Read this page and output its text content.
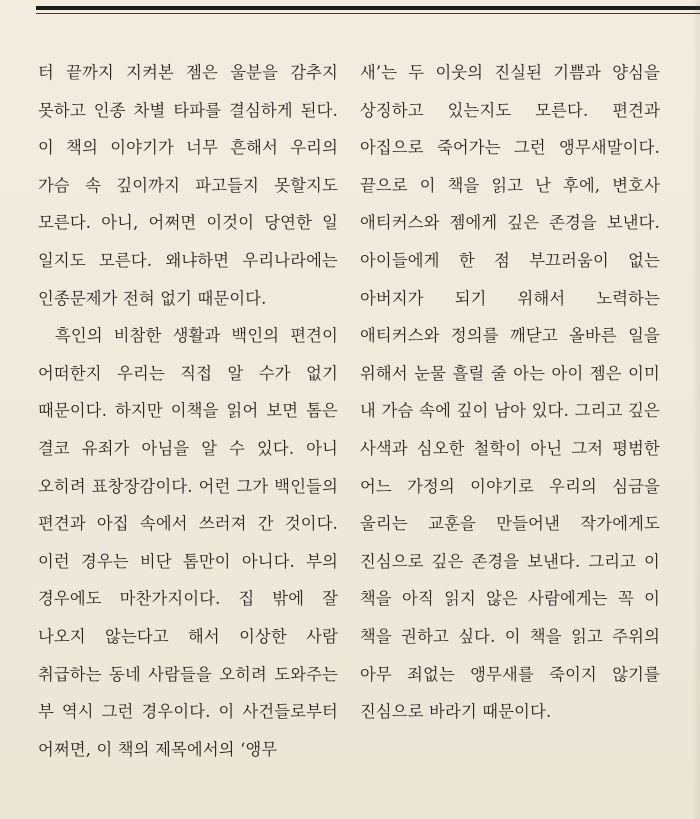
터 끝까지 지켜본 젬은 울분을 감추지 못하고 인종 차별 타파를 결심하게 된다. 이 책의 이야기가 너무 흔해서 우리의 가슴 속 깊이까지 파고들지 못할지도 모른다. 아니, 어쩌면 이것이 당연한 일 일지도 모른다. 왜냐하면 우리나라에는 인종문제가 전혀 없기 때문이다.

흑인의 비참한 생활과 백인의 편견이 어떠한지 우리는 직접 알 수가 없기 때문이다. 하지만 이책을 읽어 보면 톰은 결코 유죄가 아님을 알 수 있다. 아니 오히려 표창장감이다. 어런 그가 백인들의 편견과 아집 속에서 쓰러져 간 것이다. 이런 경우는 비단 톰만이 아니다. 부의 경우에도 마찬가지이다. 집 밖에 잘 나오지 않는다고 해서 이상한 사람 취급하는 동네 사람들을 오히려 도와주는 부 역시 그런 경우이다. 이 사건들로부터 어쩌면, 이 책의 제목에서의 ‘앵무

새’는 두 이웃의 진실된 기쁨과 양심을 상징하고 있는지도 모른다. 편견과 아집으로 죽어가는 그런 앵무새말이다. 끝으로 이 책을 읽고 난 후에, 변호사 애티커스와 젬에게 깊은 존경을 보낸다. 아이들에게 한 점 부끄러움이 없는 아버지가 되기 위해서 노력하는 애티커스와 정의를 깨닫고 올바른 일을 위해서 눈물 흘릴 줄 아는 아이 젬은 이미 내 가슴 속에 깊이 남아 있다. 그리고 깊은 사색과 심오한 철학이 아닌 그저 평범한 어느 가정의 이야기로 우리의 심금을 울리는 교훈을 만들어낸 작가에게도 진심으로 깊은 존경을 보낸다. 그리고 이 책을 아직 읽지 않은 사람에게는 꼭 이 책을 권하고 싶다. 이 책을 읽고 주위의 아무 죄없는 앵무새를 죽이지 않기를 진심으로 바라기 때문이다.
